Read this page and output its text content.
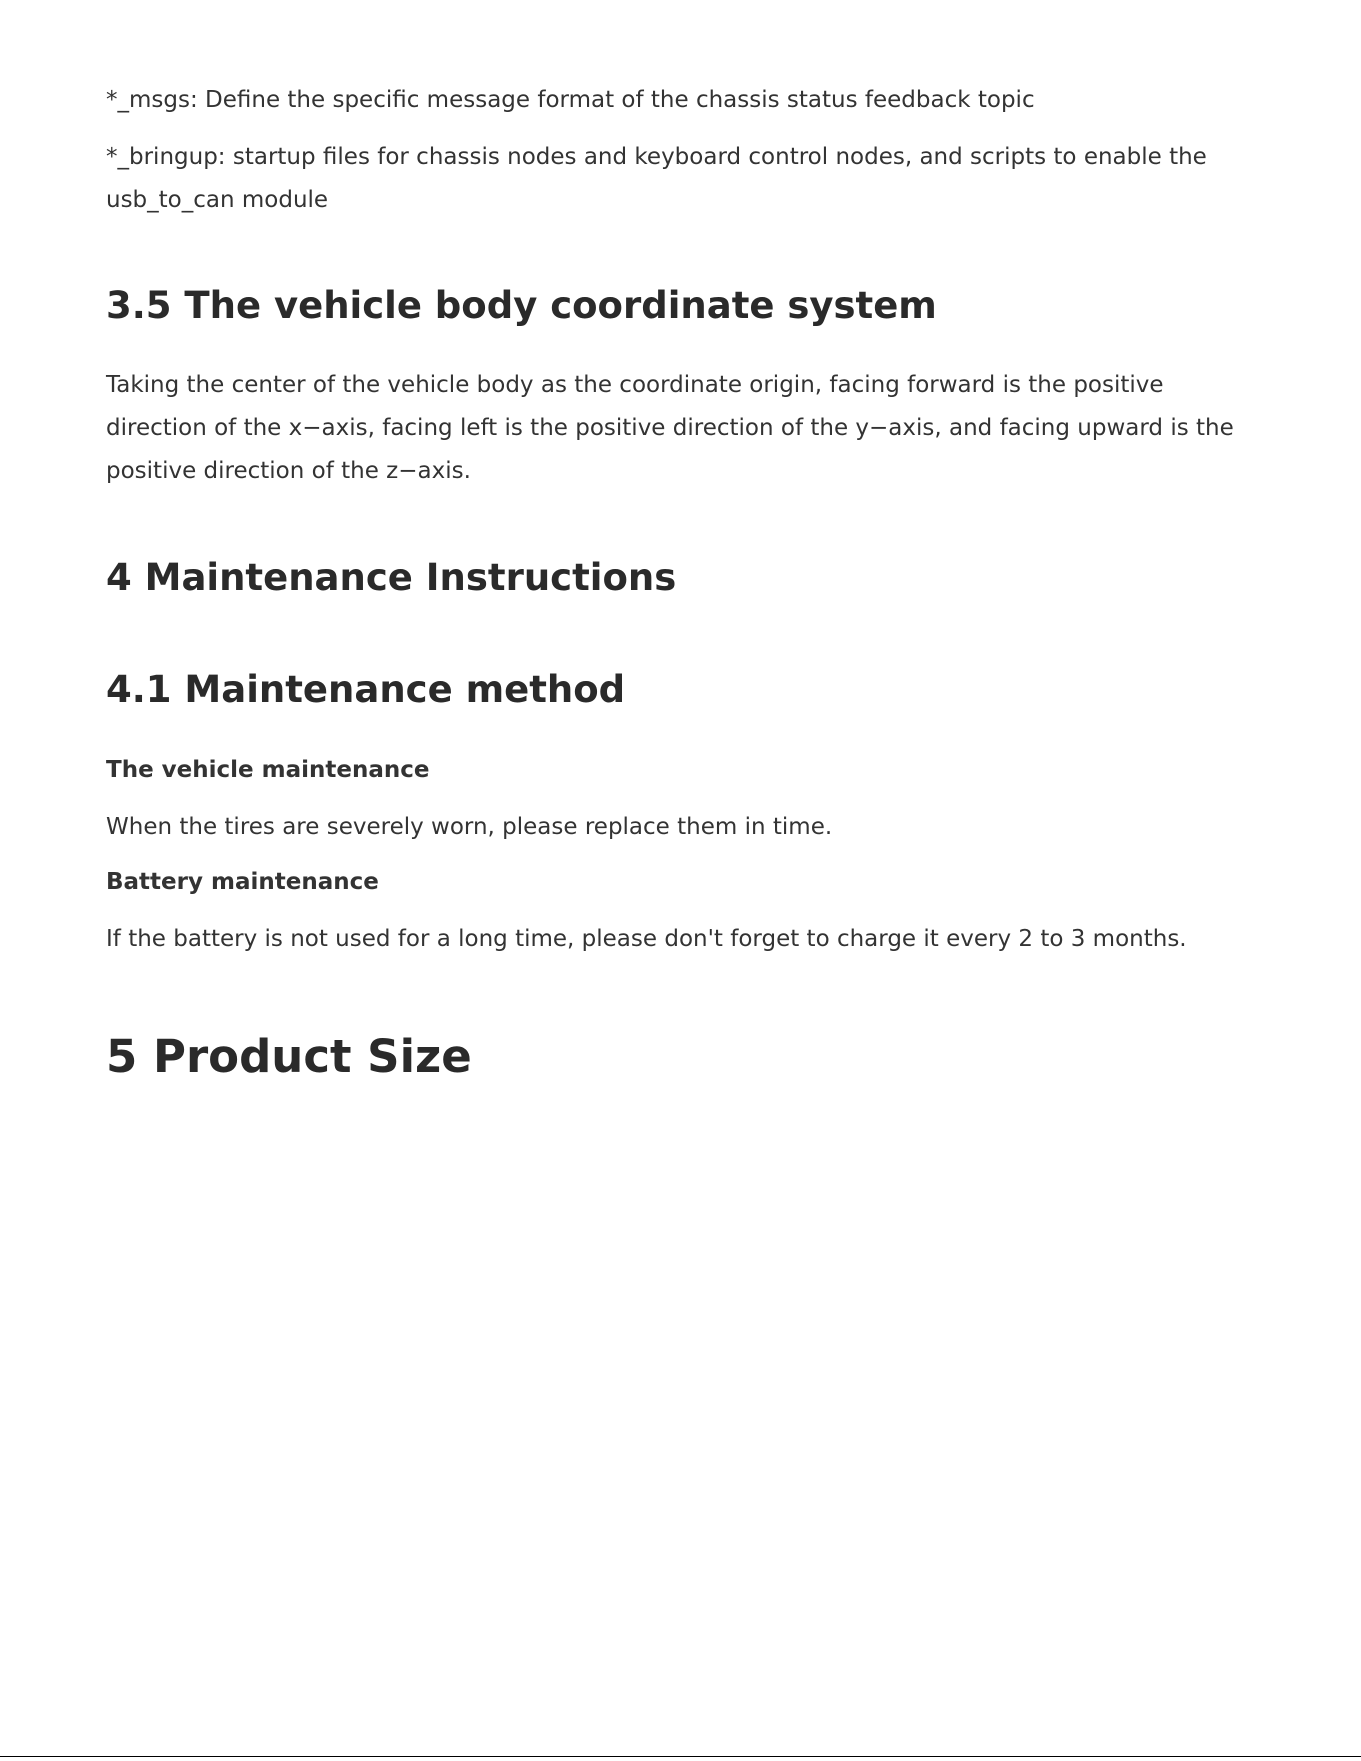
*_msgs: Define the specific message format of the chassis status feedback topic

*_bringup: startup files for chassis nodes and keyboard control nodes, and scripts to enable the

usb_to_can module

3.5 The vehicle body coordinate system

Taking the center of the vehicle body as the coordinate origin, facing forward is the positive

direction of the x−axis, facing left is the positive direction of the y−axis, and facing upward is the

positive direction of the z−axis.

4 Maintenance Instructions
4.1 Maintenance method
The vehicle maintenance

When the tires are severely worn, please replace them in time.

Battery maintenance

If the battery is not used for a long time, please don't forget to charge it every 2 to 3 months.

5 Product Size
